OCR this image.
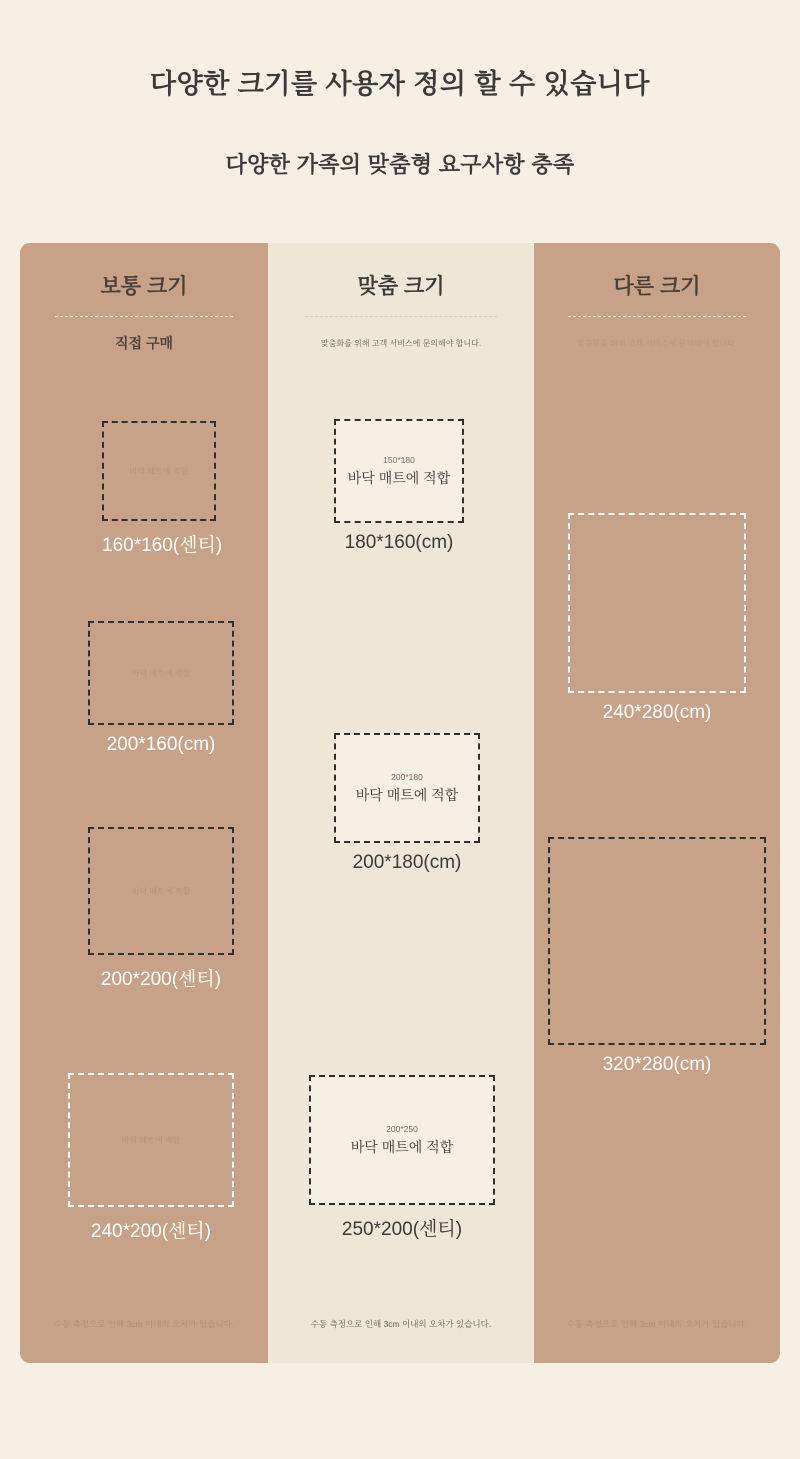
다양한 크기를 사용자 정의 할 수 있습니다
다양한 가족의 맞춤형 요구사항 충족
보통 크기
직접 구매
바닥 매트에 적합
160*160(센티)
바닥 매트에 적합
200*160(cm)
바닥 매트에 적합
200*200(센티)
바닥 매트에 적합
240*200(센티)
수동 측정으로 인해 3cm 이내의 오차가 있습니다.
맞춤 크기
맞춤화를 위해 고객 서비스에 문의해야 합니다.
150*180
바닥 매트에 적합
180*160(cm)
200*180
바닥 매트에 적합
200*180(cm)
200*250
바닥 매트에 적합
250*200(센티)
수동 측정으로 인해 3cm 이내의 오차가 있습니다.
다른 크기
맞춤화를 위해 고객 서비스에 문의해야 합니다.
240*280(cm)
320*280(cm)
수동 측정으로 인해 3cm 이내의 오차가 있습니다.
